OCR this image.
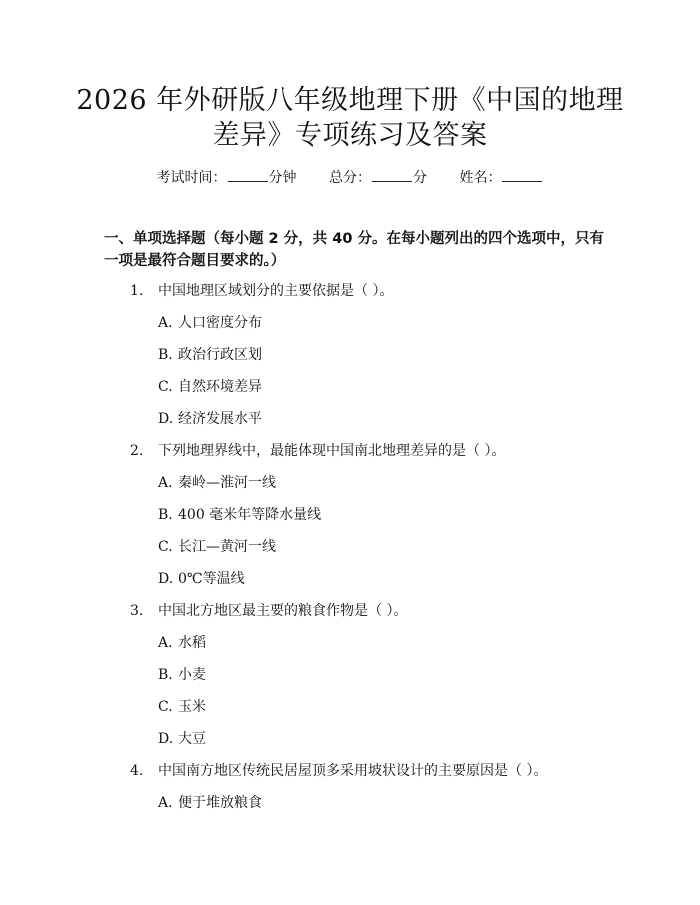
2026 年外研版八年级地理下册《中国的地理
差异》专项练习及答案
考试时间：	分钟 总分：	分 姓名：
一、单项选择题（每小题 2 分，共 40 分。在每小题列出的四个选项中，只有一项是最符合题目要求的。）
1. 中国地理区域划分的主要依据是（ ）。
A. 人口密度分布
B. 政治行政区划
C. 自然环境差异
D. 经济发展水平
2. 下列地理界线中，最能体现中国南北地理差异的是（ ）。
A. 秦岭—淮河一线
B. 400 毫米年等降水量线
C. 长江—黄河一线
D. 0℃等温线
3. 中国北方地区最主要的粮食作物是（ ）。
A. 水稻
B. 小麦
C. 玉米
D. 大豆
4. 中国南方地区传统民居屋顶多采用坡状设计的主要原因是（ ）。
A. 便于堆放粮食
